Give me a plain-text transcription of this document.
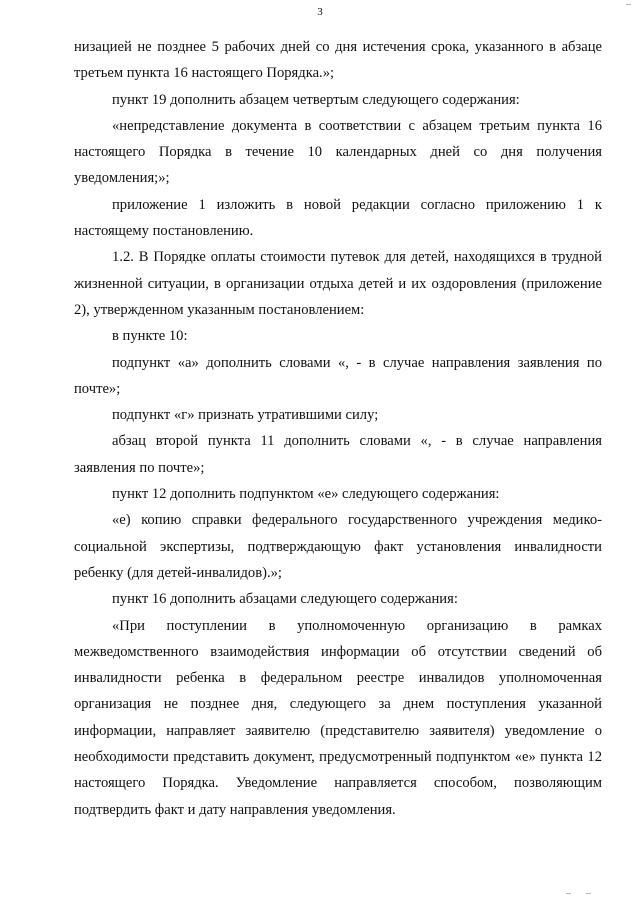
3

низацией не позднее 5 рабочих дней со дня истечения срока, указанного в абзаце третьем пункта 16 настоящего Порядка.»;

пункт 19 дополнить абзацем четвертым следующего содержания:

«непредставление документа в соответствии с абзацем третьим пункта 16 настоящего Порядка в течение 10 календарных дней со дня получения уведомления;»;

приложение 1 изложить в новой редакции согласно приложению 1 к настоящему постановлению.

1.2. В Порядке оплаты стоимости путевок для детей, находящихся в трудной жизненной ситуации, в организации отдыха детей и их оздоровления (приложение 2), утвержденном указанным постановлением:

в пункте 10:

подпункт «а» дополнить словами «, - в случае направления заявления по почте»;

подпункт «г» признать утратившими силу;

абзац второй пункта 11 дополнить словами «, - в случае направления заявления по почте»;

пункт 12 дополнить подпунктом «е» следующего содержания:

«е) копию справки федерального государственного учреждения медико-социальной экспертизы, подтверждающую факт установления инвалидности ребенку (для детей-инвалидов).»;

пункт 16 дополнить абзацами следующего содержания:

«При поступлении в уполномоченную организацию в рамках межведомственного взаимодействия информации об отсутствии сведений об инвалидности ребенка в федеральном реестре инвалидов уполномоченная организация не позднее дня, следующего за днем поступления указанной информации, направляет заявителю (представителю заявителя) уведомление о необходимости представить документ, предусмотренный подпунктом «е» пункта 12 настоящего Порядка. Уведомление направляется способом, позволяющим подтвердить факт и дату направления уведомления.
